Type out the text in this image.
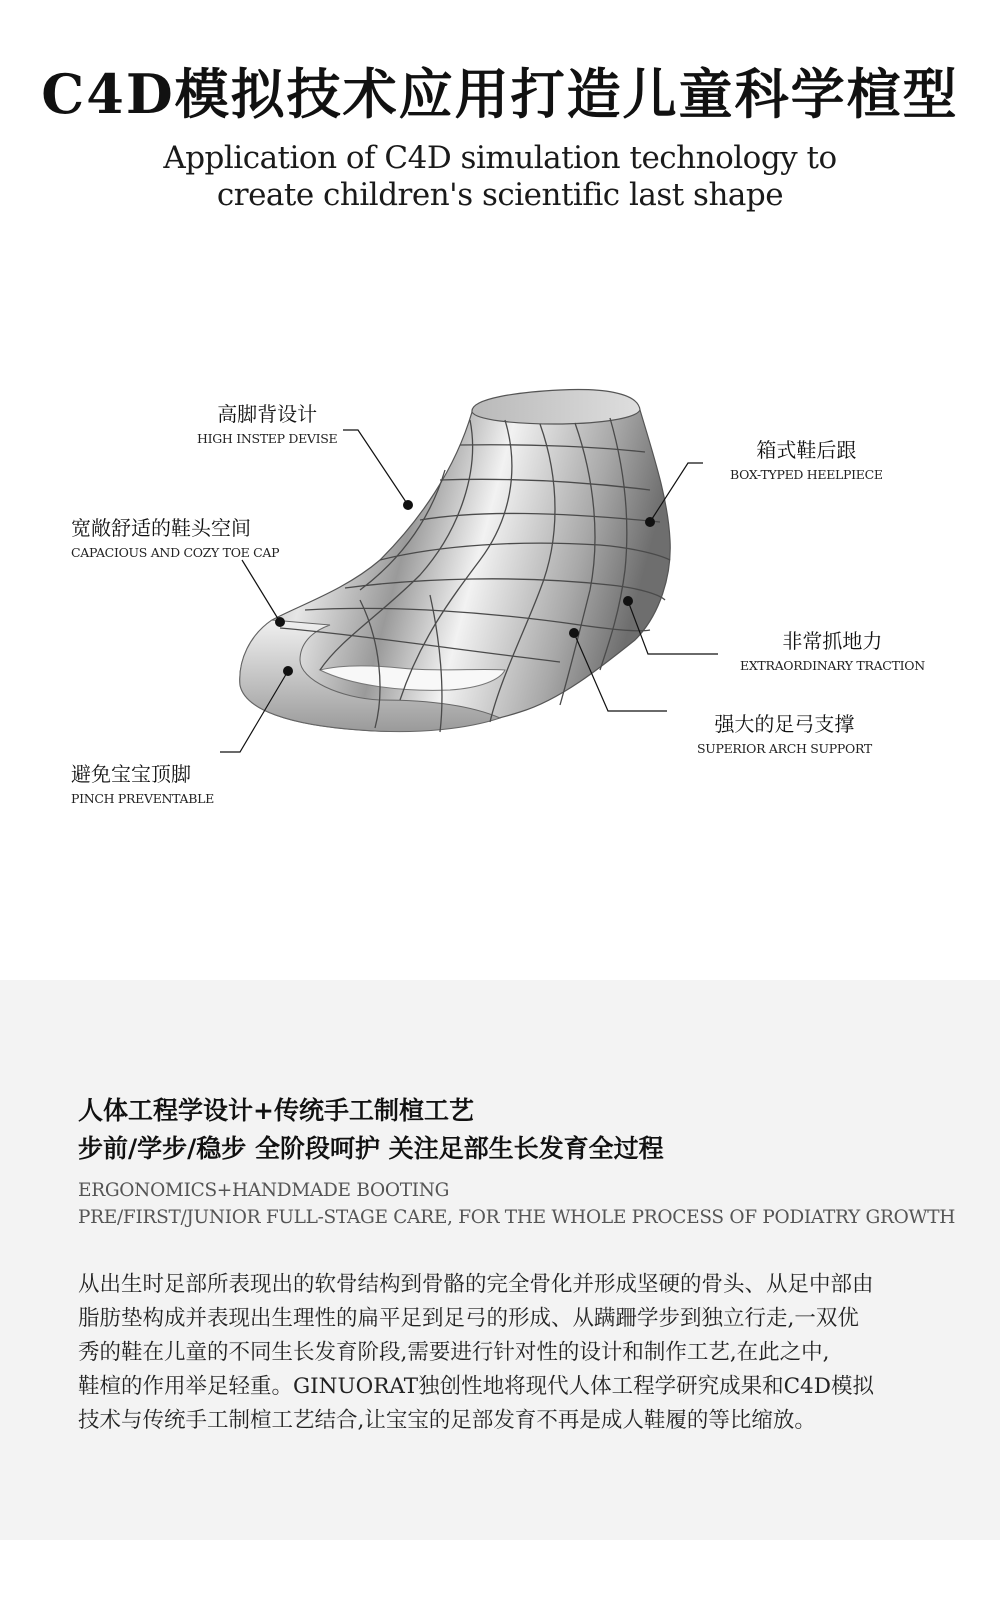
C4D模拟技术应用打造儿童科学楦型
Application of C4D simulation technology to
create children's scientific last shape
高脚背设计
HIGH INSTEP DEVISE
宽敞舒适的鞋头空间
CAPACIOUS AND COZY TOE CAP
避免宝宝顶脚
PINCH PREVENTABLE
箱式鞋后跟
BOX-TYPED HEELPIECE
非常抓地力
EXTRAORDINARY TRACTION
强大的足弓支撑
SUPERIOR ARCH SUPPORT
人体工程学设计+传统手工制楦工艺
步前/学步/稳步 全阶段呵护 关注足部生长发育全过程
ERGONOMICS+HANDMADE BOOTING
PRE/FIRST/JUNIOR FULL-STAGE CARE, FOR THE WHOLE PROCESS OF PODIATRY GROWTH
从出生时足部所表现出的软骨结构到骨骼的完全骨化并形成坚硬的骨头、从足中部由
脂肪垫构成并表现出生理性的扁平足到足弓的形成、从蹒跚学步到独立行走,一双优
秀的鞋在儿童的不同生长发育阶段,需要进行针对性的设计和制作工艺,在此之中,
鞋楦的作用举足轻重。GINUORAT独创性地将现代人体工程学研究成果和C4D模拟
技术与传统手工制楦工艺结合,让宝宝的足部发育不再是成人鞋履的等比缩放。
